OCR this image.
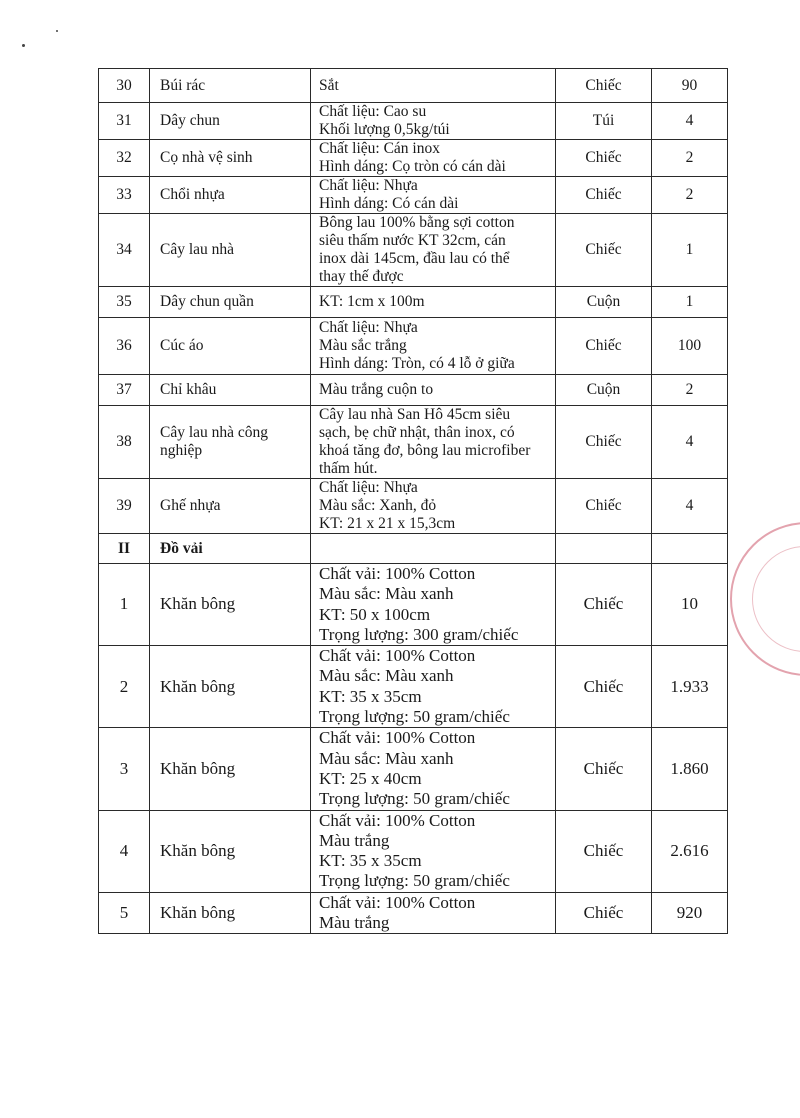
30	Búi rác	Sắt	Chiếc	90
31	Dây chun	Chất liệu: Cao su
Khối lượng 0,5kg/túi	Túi	4
32	Cọ nhà vệ sinh	Chất liệu: Cán inox
Hình dáng: Cọ tròn có cán dài	Chiếc	2
33	Chổi nhựa	Chất liệu: Nhựa
Hình dáng: Có cán dài	Chiếc	2
34	Cây lau nhà	Bông lau 100% bằng sợi cotton
siêu thấm nước KT 32cm, cán
inox dài 145cm, đầu lau có thể
thay thế được	Chiếc	1
35	Dây chun quần	KT: 1cm x 100m	Cuộn	1
36	Cúc áo	Chất liệu: Nhựa
Màu sắc trắng
Hình dáng: Tròn, có 4 lỗ ở giữa	Chiếc	100
37	Chỉ khâu	Màu trắng cuộn to	Cuộn	2
38	Cây lau nhà công
nghiệp	Cây lau nhà San Hô 45cm siêu
sạch, bẹ chữ nhật, thân inox, có
khoá tăng đơ, bông lau microfiber
thấm hút.	Chiếc	4
39	Ghế nhựa	Chất liệu: Nhựa
Màu sắc: Xanh, đỏ
KT: 21 x 21 x 15,3cm	Chiếc	4
II	Đồ vải			
1	Khăn bông	Chất vải: 100% Cotton
Màu sắc: Màu xanh
KT: 50 x 100cm
Trọng lượng: 300 gram/chiếc	Chiếc	10
2	Khăn bông	Chất vải: 100% Cotton
Màu sắc: Màu xanh
KT: 35 x 35cm
Trọng lượng: 50 gram/chiếc	Chiếc	1.933
3	Khăn bông	Chất vải: 100% Cotton
Màu sắc: Màu xanh
KT: 25 x 40cm
Trọng lượng: 50 gram/chiếc	Chiếc	1.860
4	Khăn bông	Chất vải: 100% Cotton
Màu trắng
KT: 35 x 35cm
Trọng lượng: 50 gram/chiếc	Chiếc	2.616
5	Khăn bông	Chất vải: 100% Cotton
Màu trắng	Chiếc	920
